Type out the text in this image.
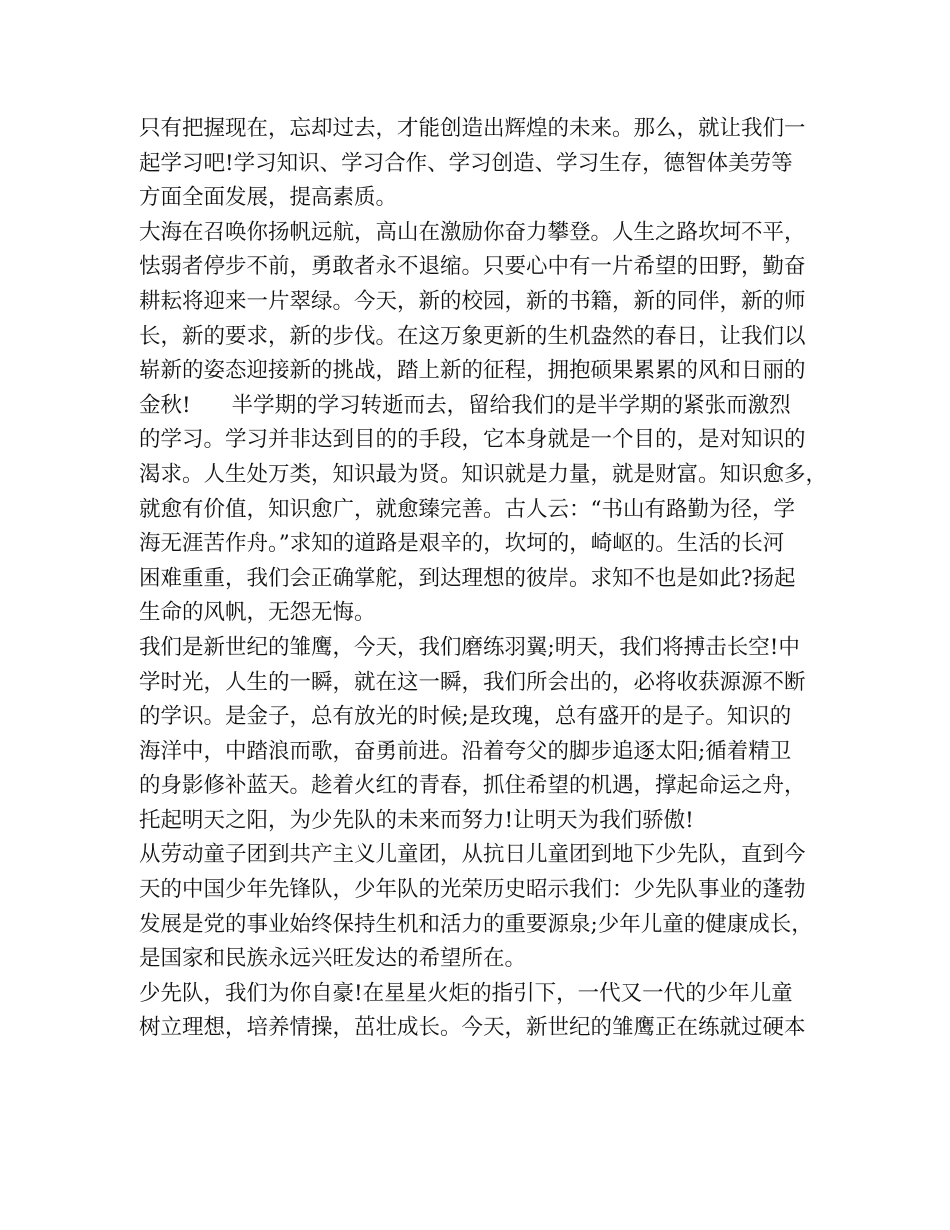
只有把握现在，忘却过去，才能创造出辉煌的未来。那么，就让我们一
起学习吧!学习知识、学习合作、学习创造、学习生存，德智体美劳等
方面全面发展，提高素质。
大海在召唤你扬帆远航，高山在激励你奋力攀登。人生之路坎坷不平，
怯弱者停步不前，勇敢者永不退缩。只要心中有一片希望的田野，勤奋
耕耘将迎来一片翠绿。今天，新的校园，新的书籍，新的同伴，新的师
长，新的要求，新的步伐。在这万象更新的生机盎然的春日，让我们以
崭新的姿态迎接新的挑战，踏上新的征程，拥抱硕果累累的风和日丽的
金秋!      半学期的学习转逝而去，留给我们的是半学期的紧张而激烈
的学习。学习并非达到目的的手段，它本身就是一个目的，是对知识的
渴求。人生处万类，知识最为贤。知识就是力量，就是财富。知识愈多，
就愈有价值，知识愈广，就愈臻完善。古人云：“书山有路勤为径，学
海无涯苦作舟。”求知的道路是艰辛的，坎坷的，崎岖的。生活的长河
困难重重，我们会正确掌舵，到达理想的彼岸。求知不也是如此?扬起
生命的风帆，无怨无悔。
我们是新世纪的雏鹰，今天，我们磨练羽翼;明天，我们将搏击长空!中
学时光，人生的一瞬，就在这一瞬，我们所会出的，必将收获源源不断
的学识。是金子，总有放光的时候;是玫瑰，总有盛开的是子。知识的
海洋中，中踏浪而歌，奋勇前进。沿着夸父的脚步追逐太阳;循着精卫
的身影修补蓝天。趁着火红的青春，抓住希望的机遇，撑起命运之舟，
托起明天之阳，为少先队的未来而努力!让明天为我们骄傲!
从劳动童子团到共产主义儿童团，从抗日儿童团到地下少先队，直到今
天的中国少年先锋队，少年队的光荣历史昭示我们：少先队事业的蓬勃
发展是党的事业始终保持生机和活力的重要源泉;少年儿童的健康成长，
是国家和民族永远兴旺发达的希望所在。
少先队，我们为你自豪!在星星火炬的指引下，一代又一代的少年儿童
树立理想，培养情操，茁壮成长。今天，新世纪的雏鹰正在练就过硬本
